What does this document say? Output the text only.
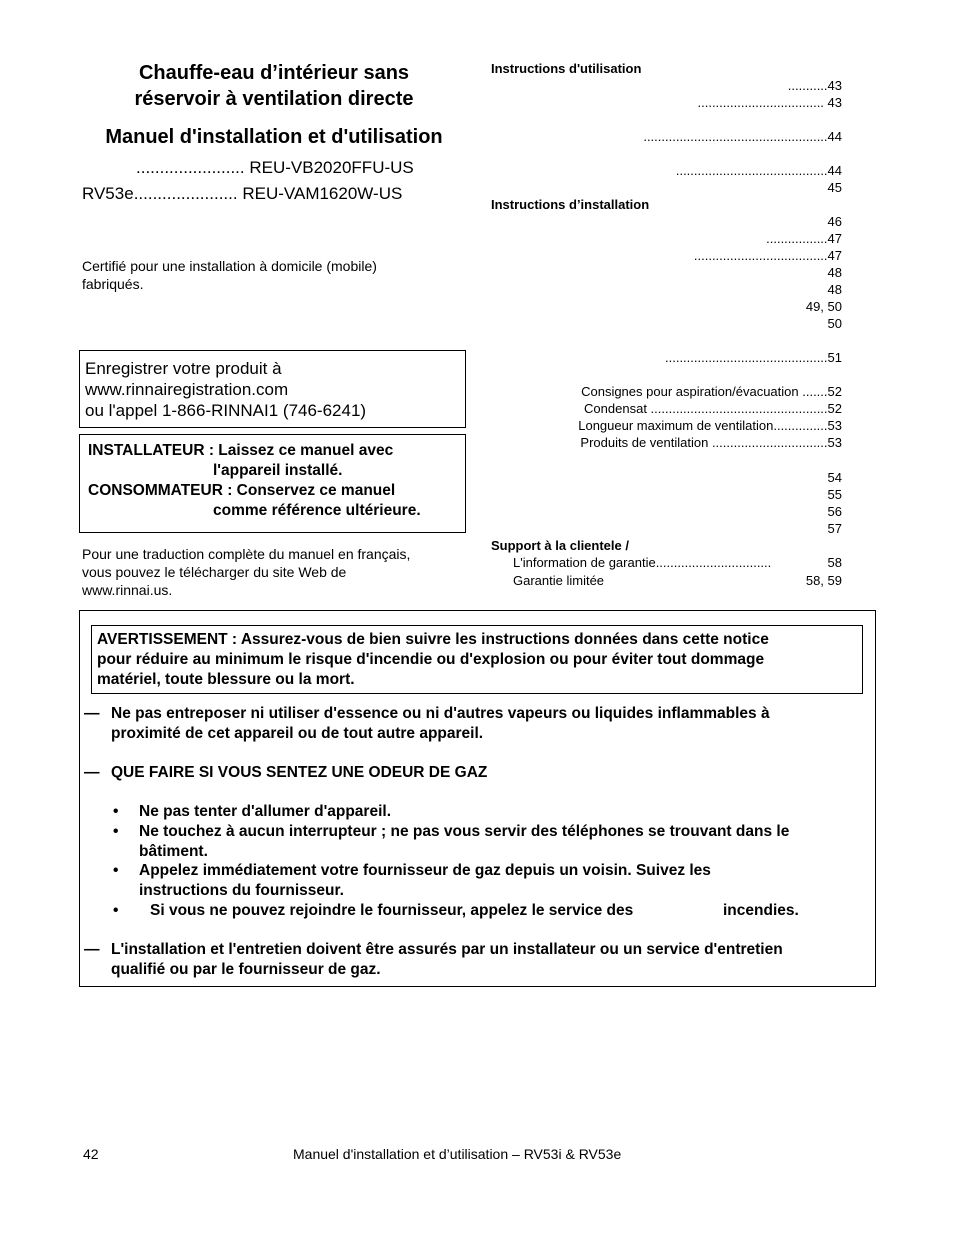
Chauffe-eau d’intérieur sans
réservoir à ventilation directe
Manuel d'installation et d'utilisation
....................... REU-VB2020FFU-US
RV53e...................... REU-VAM1620W-US
Certifié pour une installation à domicile (mobile)
fabriqués.
Enregistrer votre produit à
www.rinnairegistration.com
ou l'appel 1-866-RINNAI1 (746-6241)
INSTALLATEUR : Laissez ce manuel avec
l'appareil installé.
CONSOMMATEUR : Conservez ce manuel
comme référence ultérieure.
Pour une traduction complète du manuel en français,
vous pouvez le télécharger du site Web de
www.rinnai.us.
Instructions d'utilisation
...........43
................................... 43
...................................................44
..........................................44
45
Instructions d’installation
46
.................47
.....................................47
48
48
49, 50
50
.............................................51
Consignes pour aspiration/évacuation .......52
Condensat .................................................52
Longueur maximum de ventilation...............53
Produits de ventilation ................................53
54
55
56
57
Support à la clientele /
L'information de garantie................................	58
Garantie limitée	58, 59
AVERTISSEMENT : Assurez-vous de bien suivre les instructions données dans cette notice
pour réduire au minimum le risque d'incendie ou d'explosion ou pour éviter tout dommage
matériel, toute blessure ou la mort.
— Ne pas entreposer ni utiliser d'essence ou ni d'autres vapeurs ou liquides inflammables à
proximité de cet appareil ou de tout autre appareil.
— QUE FAIRE SI VOUS SENTEZ UNE ODEUR DE GAZ
• Ne pas tenter d'allumer d'appareil.
• Ne touchez à aucun interrupteur ; ne pas vous servir des téléphones se trouvant dans le
bâtiment.
• Appelez immédiatement votre fournisseur de gaz depuis un voisin. Suivez les
instructions du fournisseur.
• Si vous ne pouvez rejoindre le fournisseur, appelez le service des	incendies.
— L'installation et l'entretien doivent être assurés par un installateur ou un service d'entretien
qualifié ou par le fournisseur de gaz.
42	Manuel d'installation et d’utilisation – RV53i & RV53e
